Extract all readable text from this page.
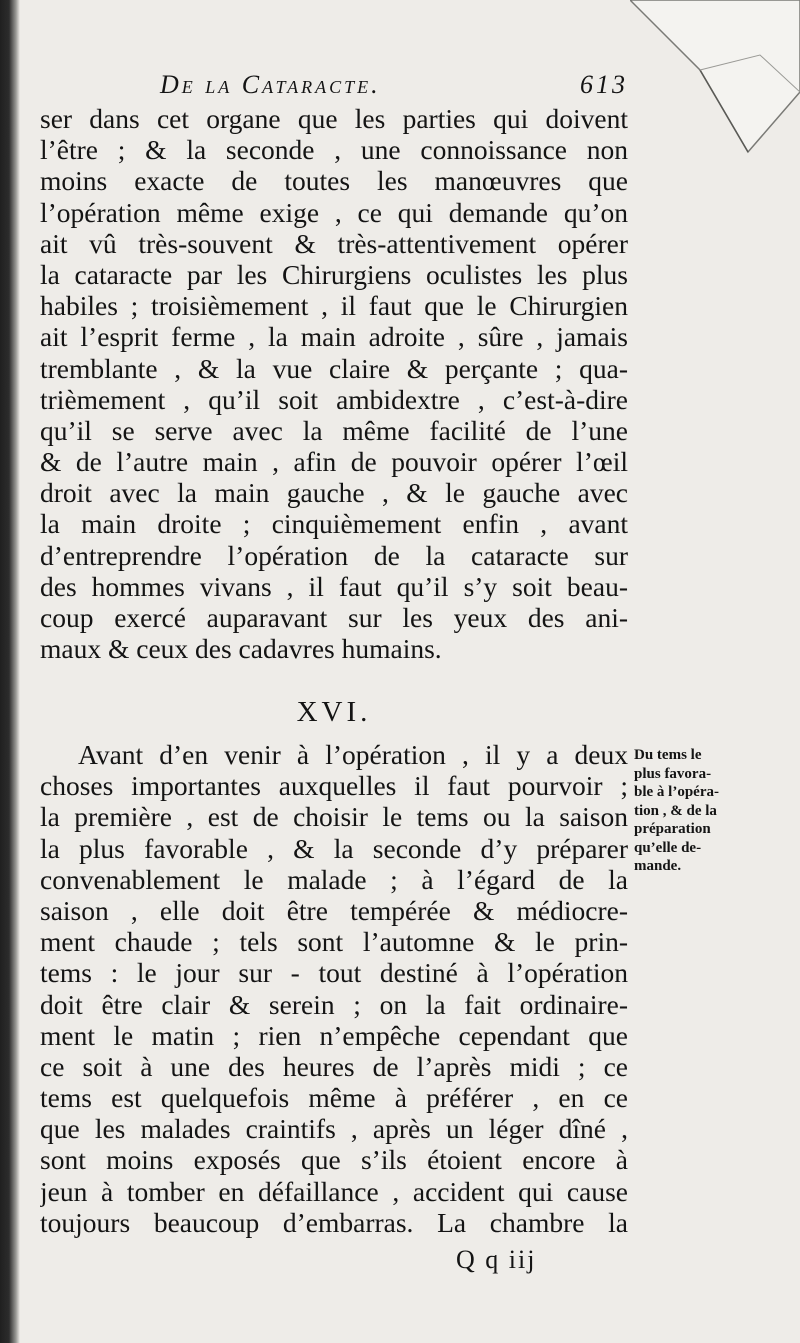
De la Cataracte.	613
ser dans cet organe que les parties qui doivent
l’être ; & la seconde , une connoissance non
moins exacte de toutes les manœuvres que
l’opération même exige , ce qui demande qu’on
ait vû très-souvent & très-attentivement opérer
la cataracte par les Chirurgiens oculistes les plus
habiles ; troisièmement , il faut que le Chirurgien
ait l’esprit ferme , la main adroite , sûre , jamais
tremblante , & la vue claire & perçante ; qua-
trièmement , qu’il soit ambidextre , c’est-à-dire
qu’il se serve avec la même facilité de l’une
& de l’autre main , afin de pouvoir opérer l’œil
droit avec la main gauche , & le gauche avec
la main droite ; cinquièmement enfin , avant
d’entreprendre l’opération de la cataracte sur
des hommes vivans , il faut qu’il s’y soit beau-
coup exercé auparavant sur les yeux des ani-
maux & ceux des cadavres humains.
XVI.
Avant d’en venir à l’opération , il y a deux
choses importantes auxquelles il faut pourvoir ;
la première , est de choisir le tems ou la saison
la plus favorable , & la seconde d’y préparer
convenablement le malade ; à l’égard de la
saison , elle doit être tempérée & médiocre-
ment chaude ; tels sont l’automne & le prin-
tems : le jour sur - tout destiné à l’opération
doit être clair & serein ; on la fait ordinaire-
ment le matin ; rien n’empêche cependant que
ce soit à une des heures de l’après midi ; ce
tems est quelquefois même à préférer , en ce
que les malades craintifs , après un léger dîné ,
sont moins exposés que s’ils étoient encore à
jeun à tomber en défaillance , accident qui cause
toujours beaucoup d’embarras. La chambre la
Du tems le
plus favora-
ble à l’opéra-
tion , & de la
préparation
qu’elle de-
mande.
Q q iij
